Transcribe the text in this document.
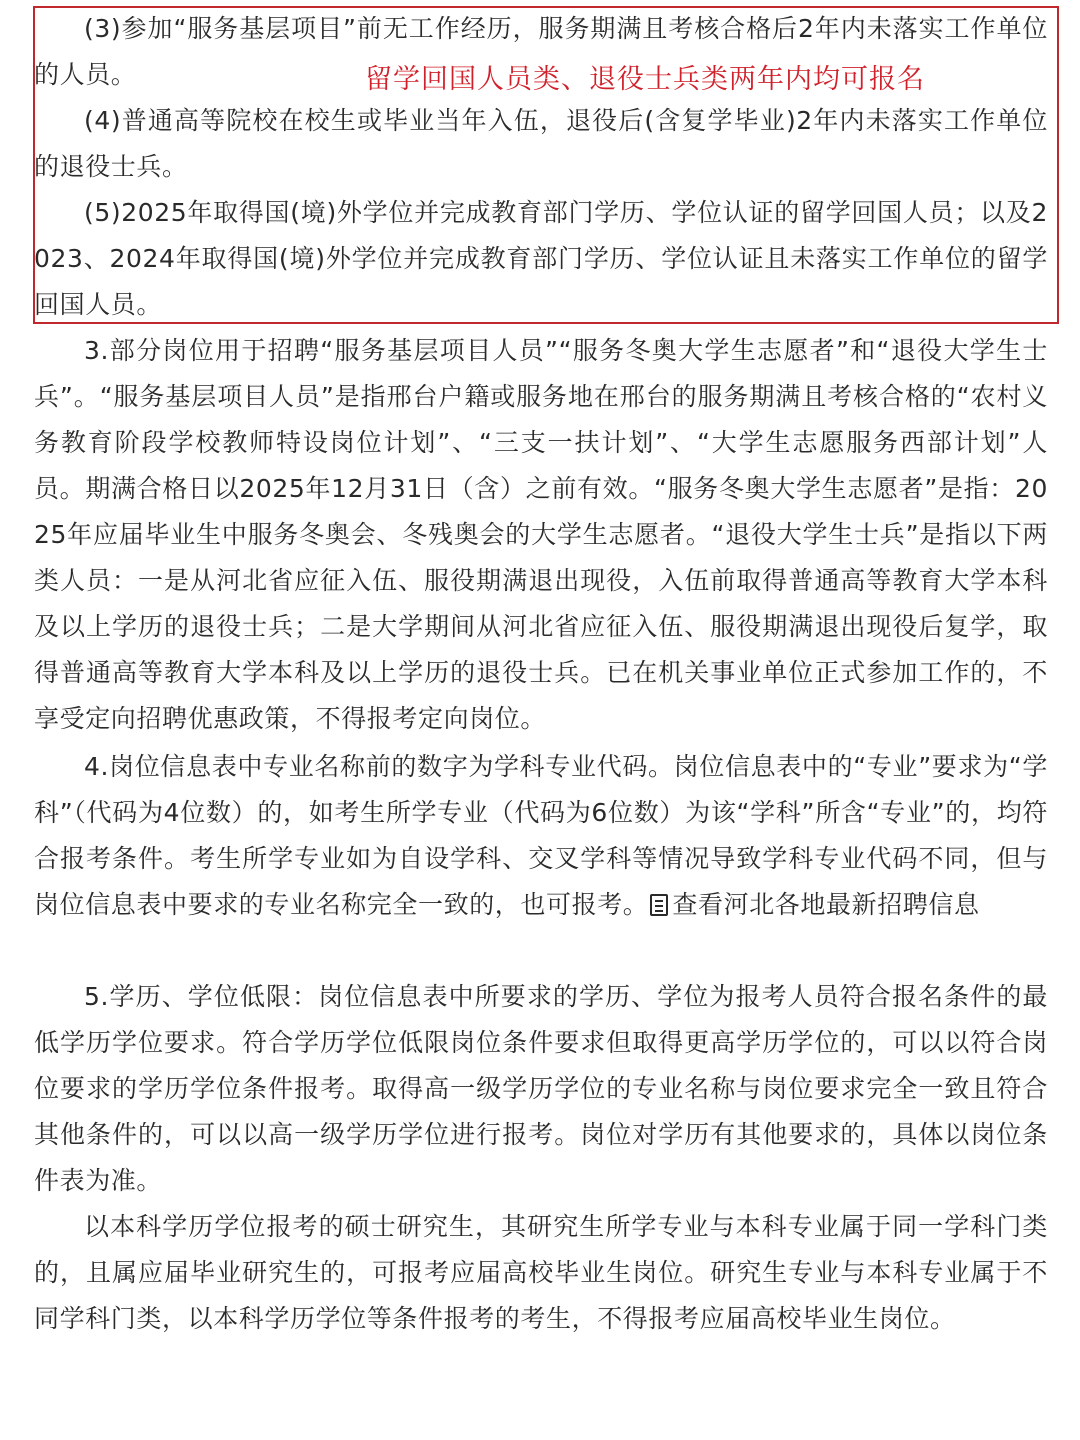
(3)参加“服务基层项目”前无工作经历，服务期满且考核合格后2年内未落实工作单位的人员。	留学回国人员类、退役士兵类两年内均可报名

(4)普通高等院校在校生或毕业当年入伍，退役后(含复学毕业)2年内未落实工作单位的退役士兵。

(5)2025年取得国(境)外学位并完成教育部门学历、学位认证的留学回国人员；以及2023、2024年取得国(境)外学位并完成教育部门学历、学位认证且未落实工作单位的留学回国人员。

3.部分岗位用于招聘“服务基层项目人员”“服务冬奥大学生志愿者”和“退役大学生士兵”。“服务基层项目人员”是指邢台户籍或服务地在邢台的服务期满且考核合格的“农村义务教育阶段学校教师特设岗位计划”、“三支一扶计划”、“大学生志愿服务西部计划”人员。期满合格日以2025年12月31日（含）之前有效。“服务冬奥大学生志愿者”是指：2025年应届毕业生中服务冬奥会、冬残奥会的大学生志愿者。“退役大学生士兵”是指以下两类人员：一是从河北省应征入伍、服役期满退出现役，入伍前取得普通高等教育大学本科及以上学历的退役士兵；二是大学期间从河北省应征入伍、服役期满退出现役后复学，取得普通高等教育大学本科及以上学历的退役士兵。已在机关事业单位正式参加工作的，不享受定向招聘优惠政策，不得报考定向岗位。

4.岗位信息表中专业名称前的数字为学科专业代码。岗位信息表中的“专业”要求为“学科”（代码为4位数）的，如考生所学专业（代码为6位数）为该“学科”所含“专业”的，均符合报考条件。考生所学专业如为自设学科、交叉学科等情况导致学科专业代码不同，但与岗位信息表中要求的专业名称完全一致的，也可报考。 查看河北各地最新招聘信息

5.学历、学位低限：岗位信息表中所要求的学历、学位为报考人员符合报名条件的最低学历学位要求。符合学历学位低限岗位条件要求但取得更高学历学位的，可以以符合岗位要求的学历学位条件报考。取得高一级学历学位的专业名称与岗位要求完全一致且符合其他条件的，可以以高一级学历学位进行报考。岗位对学历有其他要求的，具体以岗位条件表为准。

以本科学历学位报考的硕士研究生，其研究生所学专业与本科专业属于同一学科门类的，且属应届毕业研究生的，可报考应届高校毕业生岗位。研究生专业与本科专业属于不同学科门类，以本科学历学位等条件报考的考生，不得报考应届高校毕业生岗位。
